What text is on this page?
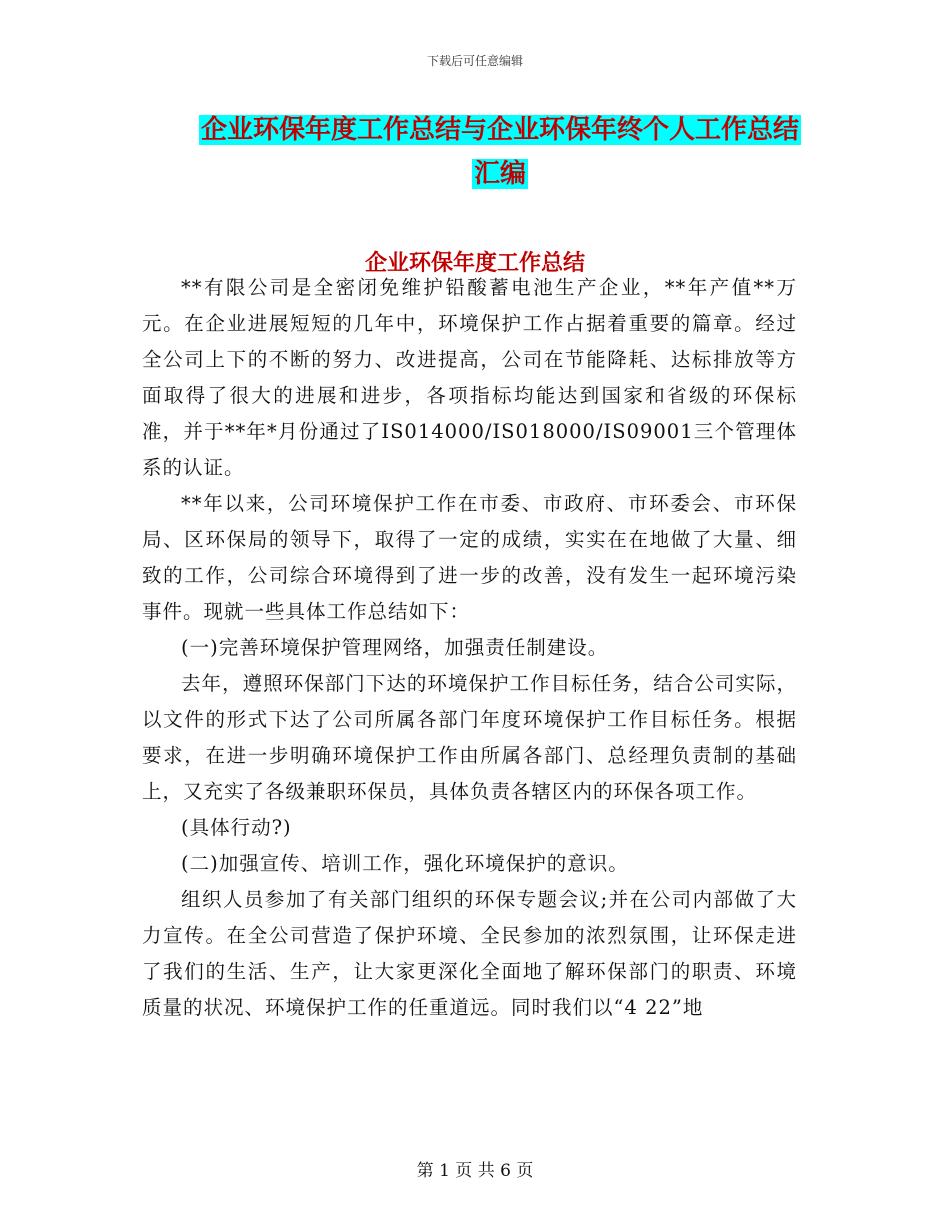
下载后可任意编辑
企业环保年度工作总结与企业环保年终个人工作总结
汇编
企业环保年度工作总结

**有限公司是全密闭免维护铅酸蓄电池生产企业，**年产值**万元。在企业进展短短的几年中，环境保护工作占据着重要的篇章。经过全公司上下的不断的努力、改进提高，公司在节能降耗、达标排放等方面取得了很大的进展和进步，各项指标均能达到国家和省级的环保标准，并于**年*月份通过了IS014000/IS018000/IS09001三个管理体系的认证。

**年以来，公司环境保护工作在市委、市政府、市环委会、市环保局、区环保局的领导下，取得了一定的成绩，实实在在地做了大量、细致的工作，公司综合环境得到了进一步的改善，没有发生一起环境污染事件。现就一些具体工作总结如下：

(一)完善环境保护管理网络，加强责任制建设。

去年，遵照环保部门下达的环境保护工作目标任务，结合公司实际，以文件的形式下达了公司所属各部门年度环境保护工作目标任务。根据要求，在进一步明确环境保护工作由所属各部门、总经理负责制的基础上，又充实了各级兼职环保员，具体负责各辖区内的环保各项工作。

(具体行动?)

(二)加强宣传、培训工作，强化环境保护的意识。

组织人员参加了有关部门组织的环保专题会议;并在公司内部做了大力宣传。在全公司营造了保护环境、全民参加的浓烈氛围，让环保走进了我们的生活、生产，让大家更深化全面地了解环保部门的职责、环境质量的状况、环境保护工作的任重道远。同时我们以“4 22”地

第 1 页 共 6 页
